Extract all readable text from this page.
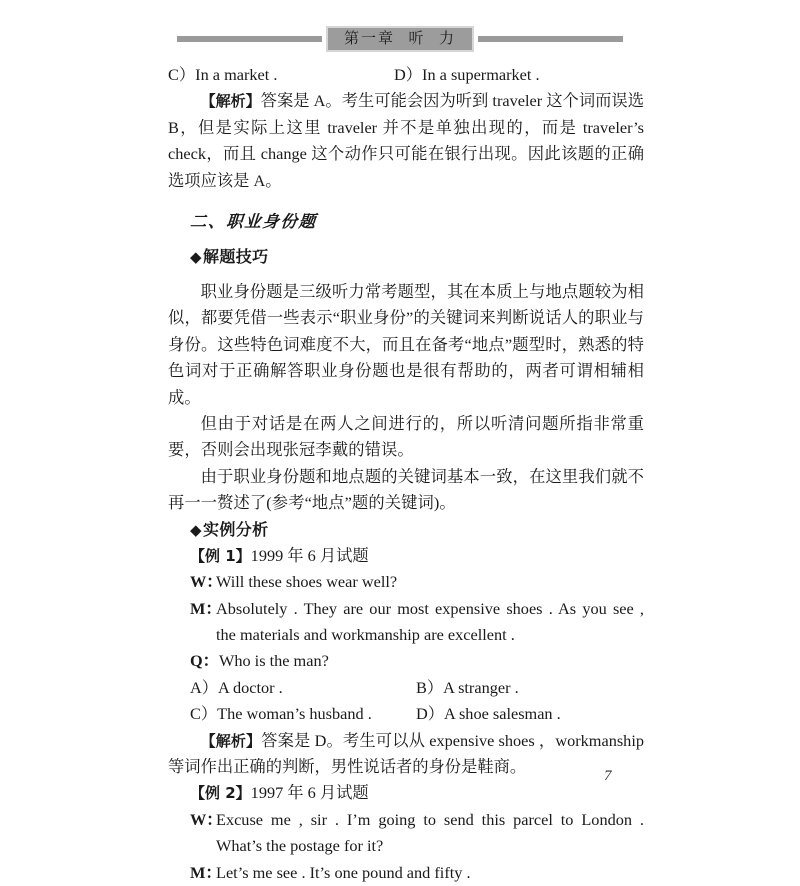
第一章  听  力
C）In a market .	D）In a supermarket .

【解析】答案是 A。考生可能会因为听到 traveler 这个词而误选 B，但是实际上这里 traveler 并不是单独出现的，而是 traveler’s check，而且 change 这个动作只可能在银行出现。因此该题的正确选项应该是 A。

二、职业身份题
◆解题技巧

职业身份题是三级听力常考题型，其在本质上与地点题较为相似，都要凭借一些表示“职业身份”的关键词来判断说话人的职业与身份。这些特色词难度不大，而且在备考“地点”题型时，熟悉的特色词对于正确解答职业身份题也是很有帮助的，两者可谓相辅相成。

但由于对话是在两人之间进行的，所以听清问题所指非常重要，否则会出现张冠李戴的错误。

由于职业身份题和地点题的关键词基本一致，在这里我们就不再一一赘述了(参考“地点”题的关键词)。

◆实例分析
【例 1】1999 年 6 月试题
W：
Will these shoes wear well?
M：
Absolutely . They are our most expensive shoes . As you see ,
the materials and workmanship are excellent .
Q：Who is the man?
A）A doctor .	B）A stranger .
C）The woman’s husband .	D）A shoe salesman .

【解析】答案是 D。考生可以从 expensive shoes ，workmanship 等词作出正确的判断，男性说话者的身份是鞋商。

【例 2】1997 年 6 月试题
W：
Excuse me , sir . I’m going to send this parcel to London .
What’s the postage for it?
M：
Let’s me see . It’s one pound and fifty .
7
